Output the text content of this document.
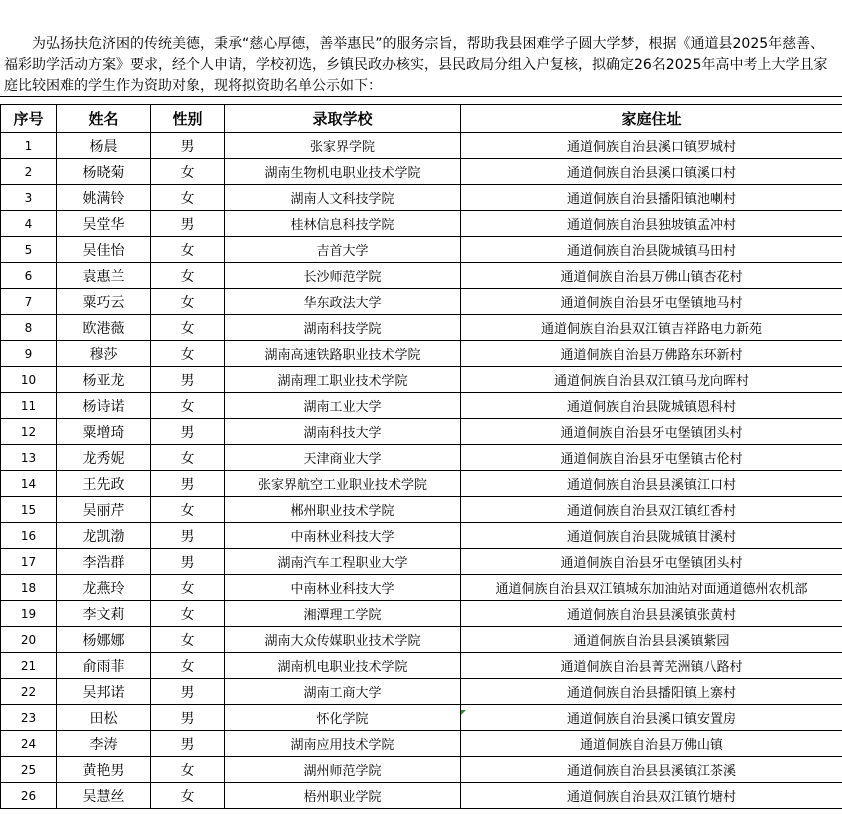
为弘扬扶危济困的传统美德，秉承“慈心厚德，善举惠民”的服务宗旨，帮助我县困难学子圆大学梦，根据《通道县2025年慈善、福彩助学活动方案》要求，经个人申请，学校初选，乡镇民政办核实，县民政局分组入户复核，拟确定26名2025年高中考上大学且家庭比较困难的学生作为资助对象，现将拟资助名单公示如下：

序号	姓名	性别	录取学校	家庭住址
1	杨晨	男	张家界学院	通道侗族自治县溪口镇罗城村
2	杨晓菊	女	湖南生物机电职业技术学院	通道侗族自治县溪口镇溪口村
3	姚满铃	女	湖南人文科技学院	通道侗族自治县播阳镇池喇村
4	吴堂华	男	桂林信息科技学院	通道侗族自治县独坡镇孟冲村
5	吴佳怡	女	吉首大学	通道侗族自治县陇城镇马田村
6	袁惠兰	女	长沙师范学院	通道侗族自治县万佛山镇杏花村
7	粟巧云	女	华东政法大学	通道侗族自治县牙屯堡镇地马村
8	欧港薇	女	湖南科技学院	通道侗族自治县双江镇吉祥路电力新苑
9	穆莎	女	湖南高速铁路职业技术学院	通道侗族自治县万佛路东环新村
10	杨亚龙	男	湖南理工职业技术学院	通道侗族自治县双江镇马龙向晖村
11	杨诗诺	女	湖南工业大学	通道侗族自治县陇城镇恩科村
12	粟增琦	男	湖南科技大学	通道侗族自治县牙屯堡镇团头村
13	龙秀妮	女	天津商业大学	通道侗族自治县牙屯堡镇古伦村
14	王先政	男	张家界航空工业职业技术学院	通道侗族自治县县溪镇江口村
15	吴丽芹	女	郴州职业技术学院	通道侗族自治县双江镇红香村
16	龙凯渤	男	中南林业科技大学	通道侗族自治县陇城镇甘溪村
17	李浩群	男	湖南汽车工程职业大学	通道侗族自治县牙屯堡镇团头村
18	龙燕玲	女	中南林业科技大学	通道侗族自治县双江镇城东加油站对面通道德州农机部
19	李文莉	女	湘潭理工学院	通道侗族自治县县溪镇张黄村
20	杨娜娜	女	湖南大众传媒职业技术学院	通道侗族自治县县溪镇紫园
21	俞雨菲	女	湖南机电职业技术学院	通道侗族自治县菁芜洲镇八路村
22	吴邦诺	男	湖南工商大学	通道侗族自治县播阳镇上寨村
23	田松	男	怀化学院	通道侗族自治县溪口镇安置房
24	李涛	男	湖南应用技术学院	通道侗族自治县万佛山镇
25	黄艳男	女	湖州师范学院	通道侗族自治县县溪镇江茶溪
26	吴慧丝	女	梧州职业学院	通道侗族自治县双江镇竹塘村
